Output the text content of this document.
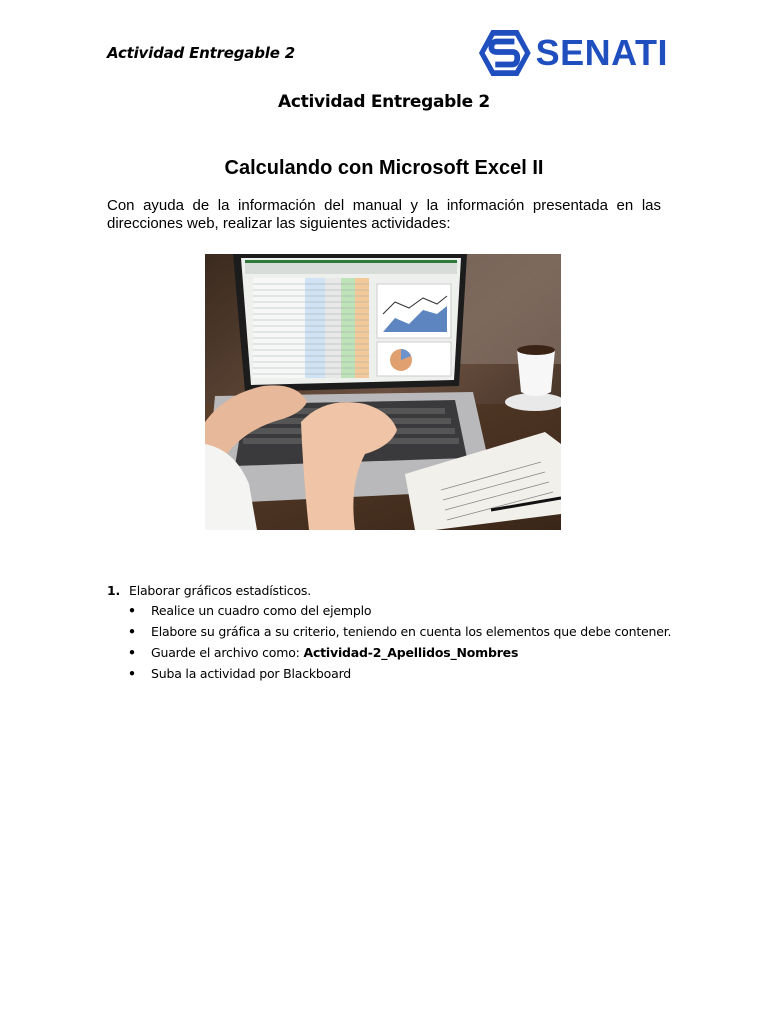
Actividad Entregable 2	SENATI
Actividad Entregable 2
Calculando con Microsoft Excel II
Con ayuda de la información del manual y la información presentada en las direcciones web, realizar las siguientes actividades:
1. Elaborar gráficos estadísticos.
•	Realice un cuadro como del ejemplo
•	Elabore su gráfica a su criterio, teniendo en cuenta los elementos que debe contener.
•	Guarde el archivo como: Actividad-2_Apellidos_Nombres
•	Suba la actividad por Blackboard
